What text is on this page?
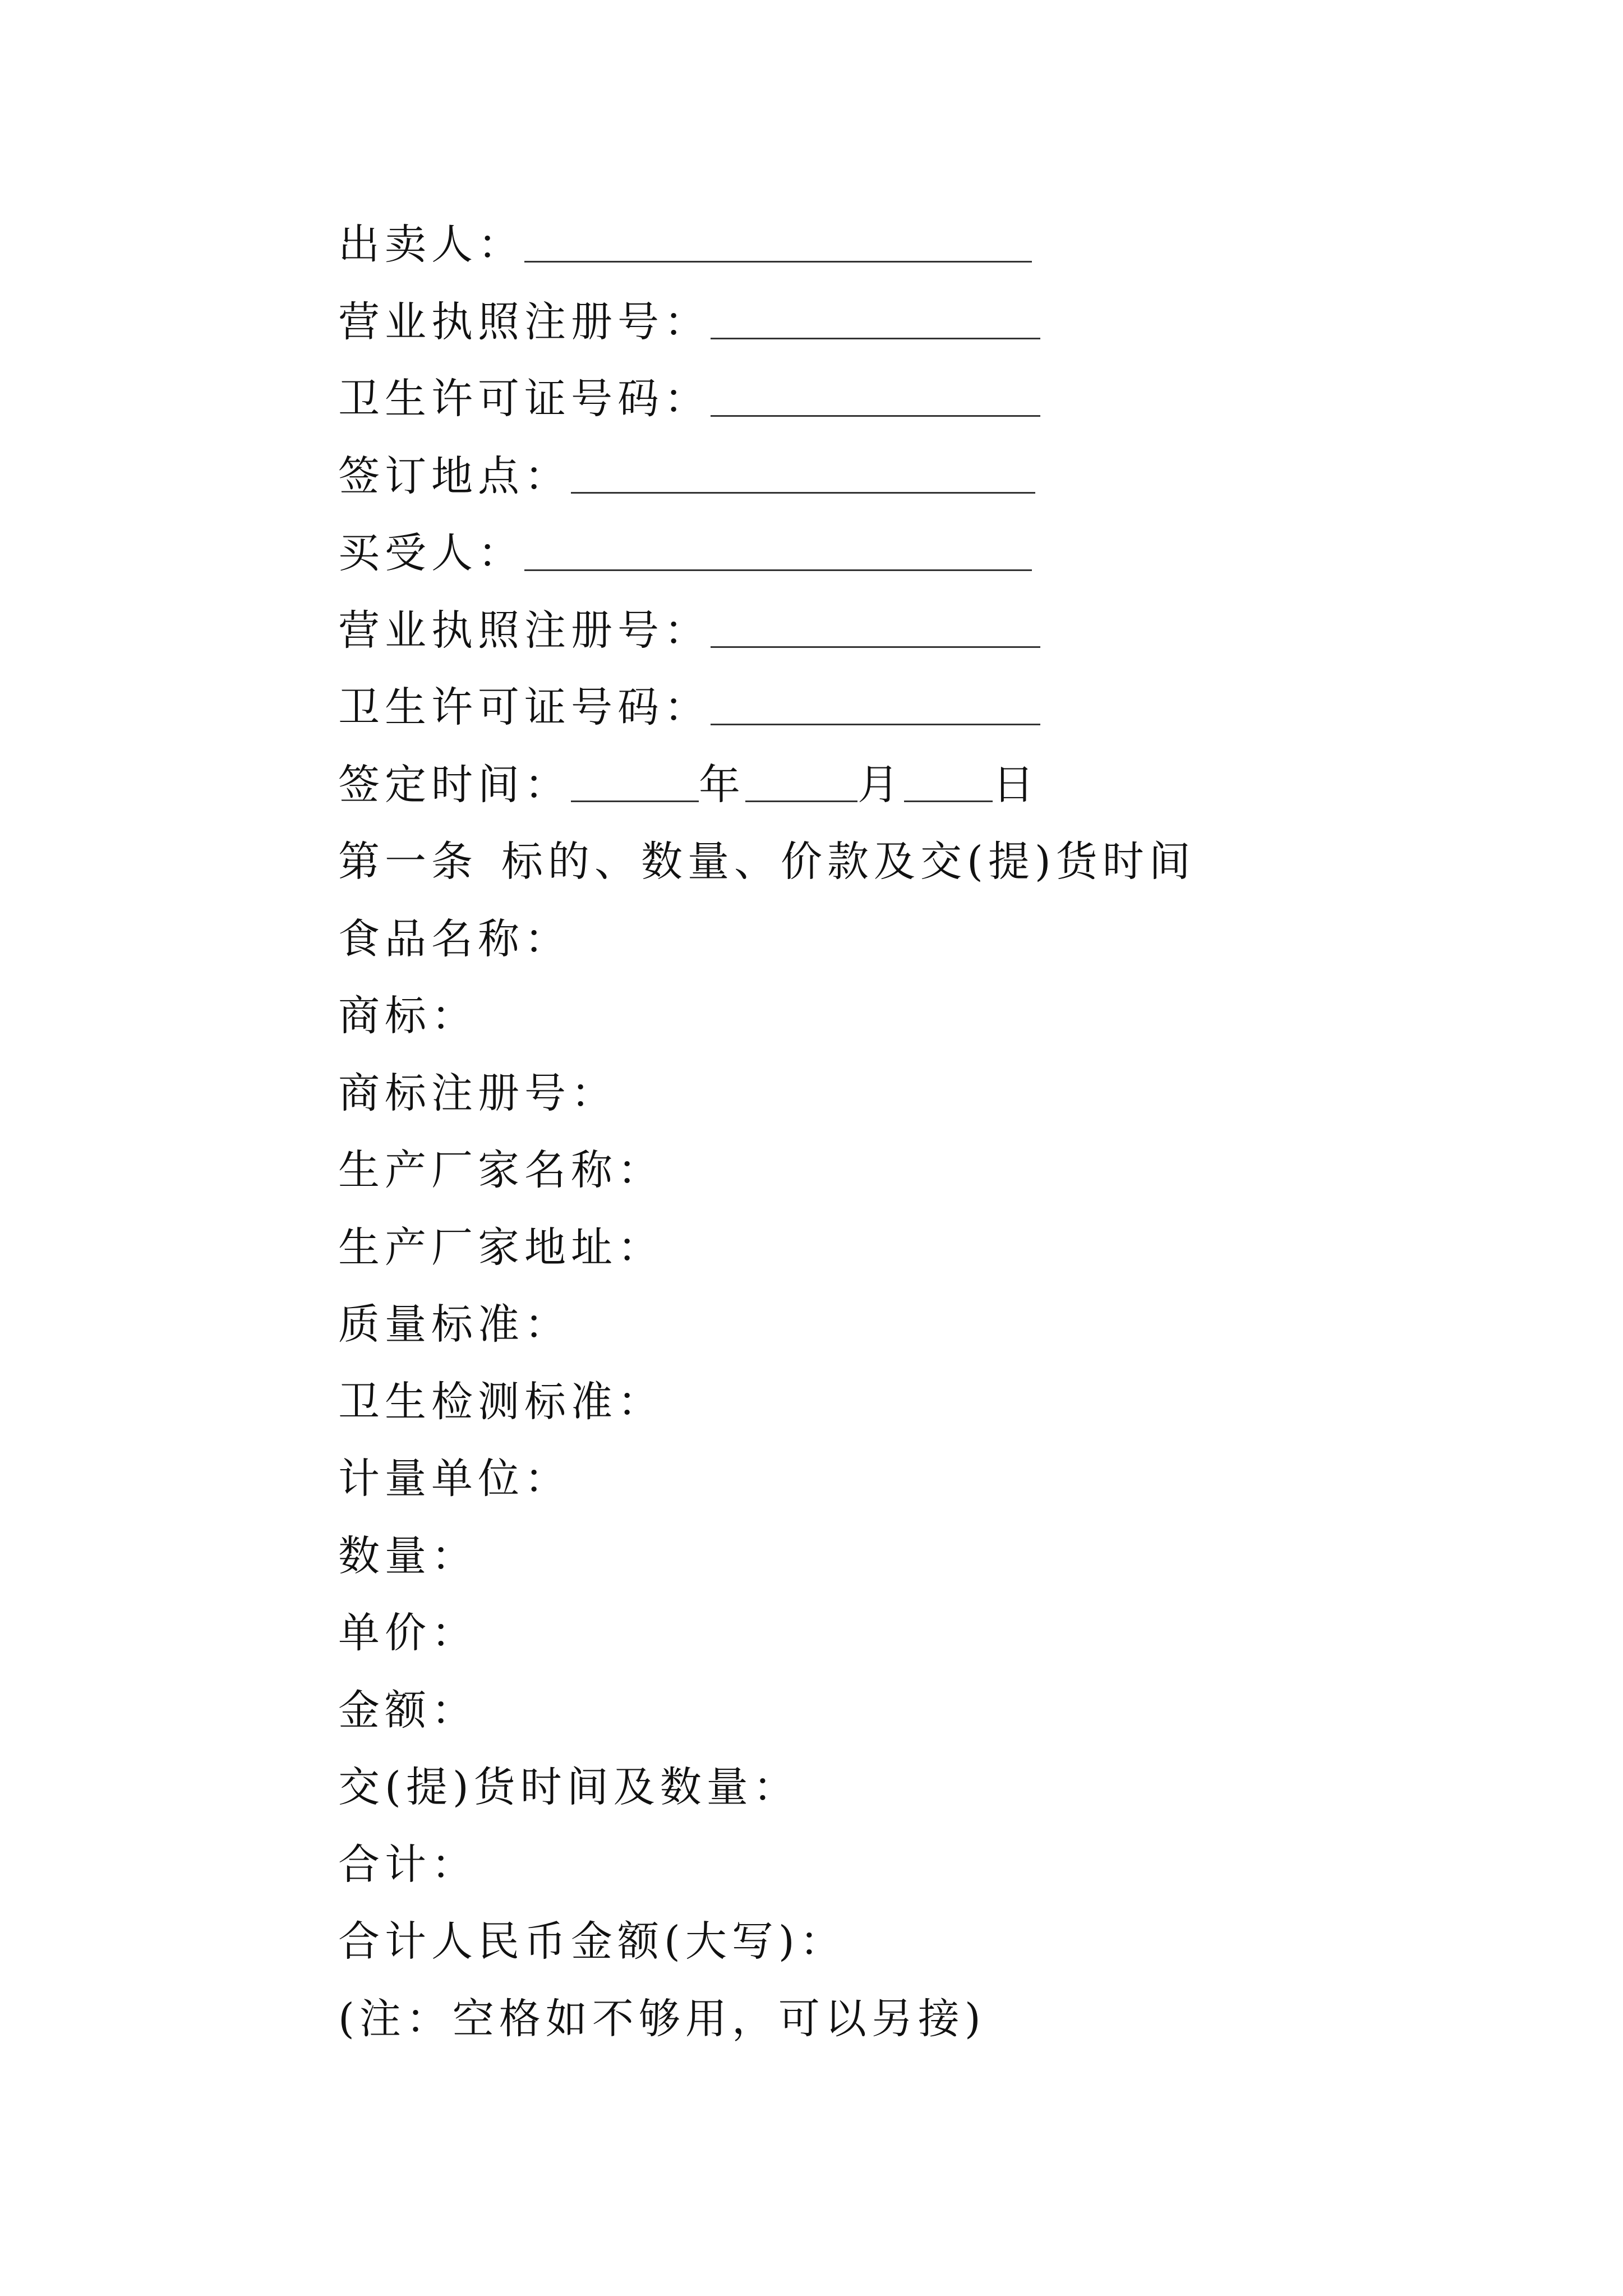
出卖人：
营业执照注册号：
卫生许可证号码：
签订地点：
买受人：
营业执照注册号：
卫生许可证号码：
签定时间：	年	月 日
第一条 标的、数量、价款及交(提)货时间
食品名称：
商标：
商标注册号：
生产厂家名称：
生产厂家地址：
质量标准：
卫生检测标准：
计量单位：
数量：
单价：
金额：
交(提)货时间及数量：
合计：
合计人民币金额(大写)：
(注：空格如不够用，可以另接)
